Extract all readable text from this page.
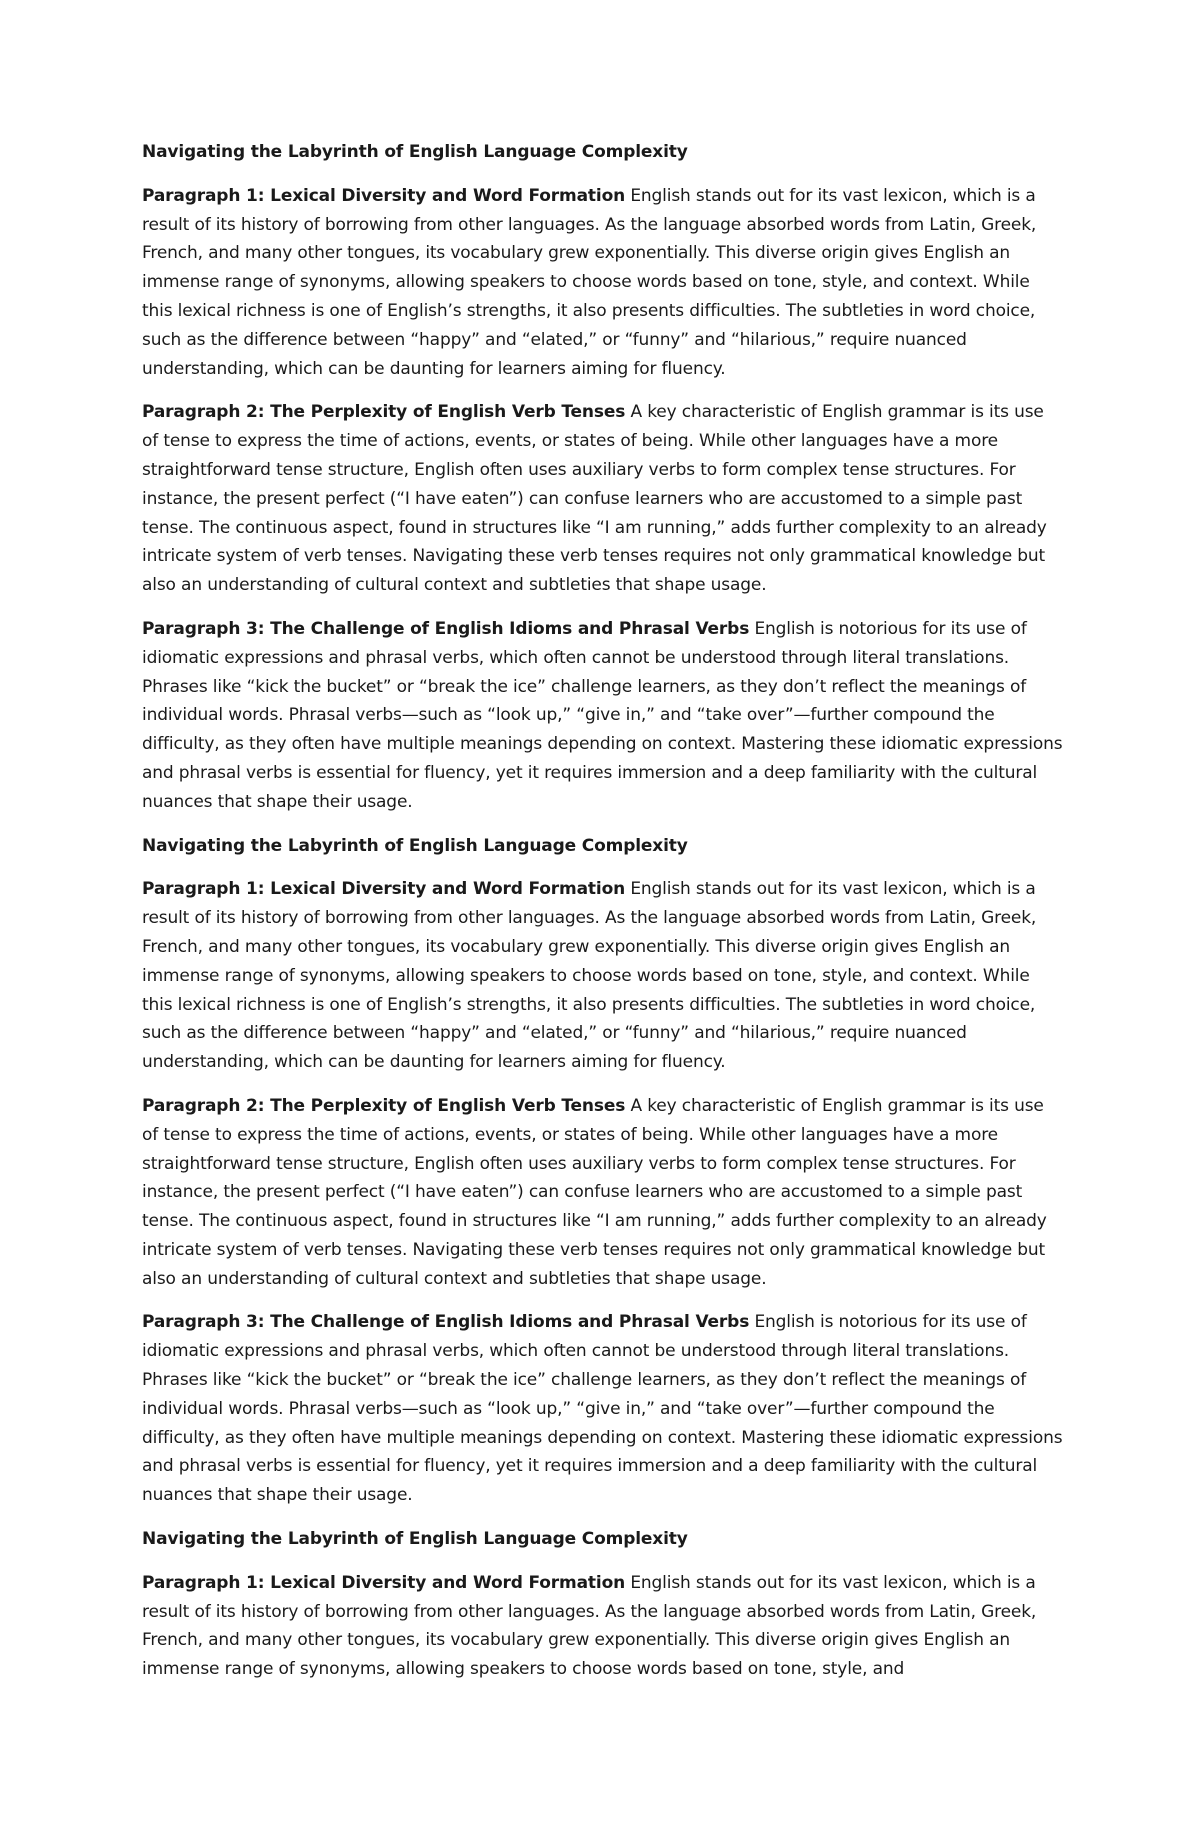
Navigating the Labyrinth of English Language Complexity

Paragraph 1: Lexical Diversity and Word Formation English stands out for its vast lexicon, which is a result of its history of borrowing from other languages. As the language absorbed words from Latin, Greek, French, and many other tongues, its vocabulary grew exponentially. This diverse origin gives English an immense range of synonyms, allowing speakers to choose words based on tone, style, and context. While this lexical richness is one of English’s strengths, it also presents difficulties. The subtleties in word choice, such as the difference between “happy” and “elated,” or “funny” and “hilarious,” require nuanced understanding, which can be daunting for learners aiming for fluency.

Paragraph 2: The Perplexity of English Verb Tenses A key characteristic of English grammar is its use of tense to express the time of actions, events, or states of being. While other languages have a more straightforward tense structure, English often uses auxiliary verbs to form complex tense structures. For instance, the present perfect (“I have eaten”) can confuse learners who are accustomed to a simple past tense. The continuous aspect, found in structures like “I am running,” adds further complexity to an already intricate system of verb tenses. Navigating these verb tenses requires not only grammatical knowledge but also an understanding of cultural context and subtleties that shape usage.

Paragraph 3: The Challenge of English Idioms and Phrasal Verbs English is notorious for its use of idiomatic expressions and phrasal verbs, which often cannot be understood through literal translations. Phrases like “kick the bucket” or “break the ice” challenge learners, as they don’t reflect the meanings of individual words. Phrasal verbs—such as “look up,” “give in,” and “take over”—further compound the difficulty, as they often have multiple meanings depending on context. Mastering these idiomatic expressions and phrasal verbs is essential for fluency, yet it requires immersion and a deep familiarity with the cultural nuances that shape their usage.

Navigating the Labyrinth of English Language Complexity

Paragraph 1: Lexical Diversity and Word Formation English stands out for its vast lexicon, which is a result of its history of borrowing from other languages. As the language absorbed words from Latin, Greek, French, and many other tongues, its vocabulary grew exponentially. This diverse origin gives English an immense range of synonyms, allowing speakers to choose words based on tone, style, and context. While this lexical richness is one of English’s strengths, it also presents difficulties. The subtleties in word choice, such as the difference between “happy” and “elated,” or “funny” and “hilarious,” require nuanced understanding, which can be daunting for learners aiming for fluency.

Paragraph 2: The Perplexity of English Verb Tenses A key characteristic of English grammar is its use of tense to express the time of actions, events, or states of being. While other languages have a more straightforward tense structure, English often uses auxiliary verbs to form complex tense structures. For instance, the present perfect (“I have eaten”) can confuse learners who are accustomed to a simple past tense. The continuous aspect, found in structures like “I am running,” adds further complexity to an already intricate system of verb tenses. Navigating these verb tenses requires not only grammatical knowledge but also an understanding of cultural context and subtleties that shape usage.

Paragraph 3: The Challenge of English Idioms and Phrasal Verbs English is notorious for its use of idiomatic expressions and phrasal verbs, which often cannot be understood through literal translations. Phrases like “kick the bucket” or “break the ice” challenge learners, as they don’t reflect the meanings of individual words. Phrasal verbs—such as “look up,” “give in,” and “take over”—further compound the difficulty, as they often have multiple meanings depending on context. Mastering these idiomatic expressions and phrasal verbs is essential for fluency, yet it requires immersion and a deep familiarity with the cultural nuances that shape their usage.

Navigating the Labyrinth of English Language Complexity

Paragraph 1: Lexical Diversity and Word Formation English stands out for its vast lexicon, which is a result of its history of borrowing from other languages. As the language absorbed words from Latin, Greek, French, and many other tongues, its vocabulary grew exponentially. This diverse origin gives English an immense range of synonyms, allowing speakers to choose words based on tone, style, and
